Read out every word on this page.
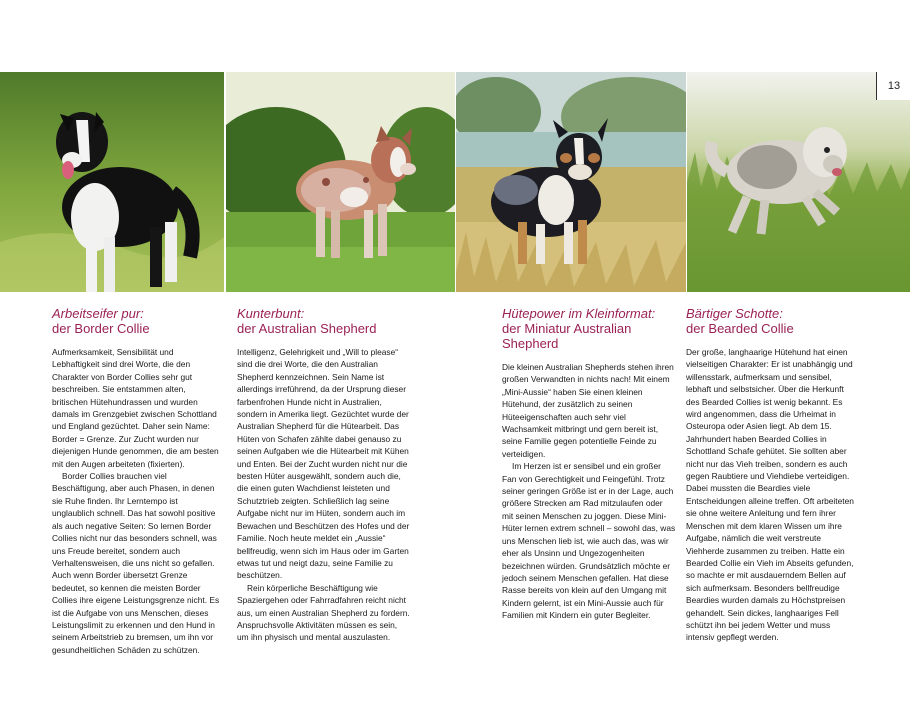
13
Arbeitseifer pur:
der Border Collie

Aufmerksamkeit, Sensibilität und Lebhaftigkeit sind drei Worte, die den Charakter von Border Collies sehr gut beschreiben. Sie entstammen alten, britischen Hütehundrassen und wurden damals im Grenzgebiet zwischen Schottland und England gezüchtet. Daher sein Name: Border = Grenze. Zur Zucht wurden nur diejenigen Hunde genommen, die am besten mit den Augen arbeiteten (fixierten).

Border Collies brauchen viel Beschäftigung, aber auch Phasen, in denen sie Ruhe finden. Ihr Lerntempo ist unglaublich schnell. Das hat sowohl positive als auch negative Seiten: So lernen Border Collies nicht nur das besonders schnell, was uns Freude bereitet, sondern auch Verhaltensweisen, die uns nicht so gefallen. Auch wenn Border übersetzt Grenze bedeutet, so kennen die meisten Border Collies ihre eigene Leistungsgrenze nicht. Es ist die Aufgabe von uns Menschen, dieses Leistungslimit zu erkennen und den Hund in seinem Arbeitstrieb zu bremsen, um ihn vor gesundheitlichen Schäden zu schützen.

Kunterbunt:
der Australian Shepherd

Intelligenz, Gelehrigkeit und „Will to please“ sind die drei Worte, die den Australian Shepherd kennzeichnen. Sein Name ist allerdings irreführend, da der Ursprung dieser farbenfrohen Hunde nicht in Australien, sondern in Amerika liegt. Gezüchtet wurde der Australian Shepherd für die Hütearbeit. Das Hüten von Schafen zählte dabei genauso zu seinen Aufgaben wie die Hütearbeit mit Kühen und Enten. Bei der Zucht wurden nicht nur die besten Hüter ausgewählt, sondern auch die, die einen guten Wachdienst leisteten und Schutztrieb zeigten. Schließlich lag seine Aufgabe nicht nur im Hüten, sondern auch im Bewachen und Beschützen des Hofes und der Familie. Noch heute meldet ein „Aussie“ bellfreudig, wenn sich im Haus oder im Garten etwas tut und neigt dazu, seine Familie zu beschützen.

Rein körperliche Beschäftigung wie Spaziergehen oder Fahrradfahren reicht nicht aus, um einen Australian Shepherd zu fordern. Anspruchsvolle Aktivitäten müssen es sein, um ihn physisch und mental auszulasten.

Hütepower im Kleinformat:
der Miniatur Australian Shepherd

Die kleinen Australian Shepherds stehen ihren großen Verwandten in nichts nach! Mit einem „Mini-Aussie“ haben Sie einen kleinen Hütehund, der zusätzlich zu seinen Hüteeigenschaften auch sehr viel Wachsamkeit mitbringt und gern bereit ist, seine Familie gegen potentielle Feinde zu verteidigen.

Im Herzen ist er sensibel und ein großer Fan von Gerechtigkeit und Feingefühl. Trotz seiner geringen Größe ist er in der Lage, auch größere Strecken am Rad mitzulaufen oder mit seinen Menschen zu joggen. Diese Mini-Hüter lernen extrem schnell – sowohl das, was uns Menschen lieb ist, wie auch das, was wir eher als Unsinn und Ungezogenheiten bezeichnen würden. Grundsätzlich möchte er jedoch seinem Menschen gefallen. Hat diese Rasse bereits von klein auf den Umgang mit Kindern gelernt, ist ein Mini-Aussie auch für Familien mit Kindern ein guter Begleiter.

Bärtiger Schotte:
der Bearded Collie

Der große, langhaarige Hütehund hat einen vielseitigen Charakter: Er ist unabhängig und willensstark, aufmerksam und sensibel, lebhaft und selbstsicher. Über die Herkunft des Bearded Collies ist wenig bekannt. Es wird angenommen, dass die Urheimat in Osteuropa oder Asien liegt. Ab dem 15. Jahrhundert haben Bearded Collies in Schottland Schafe gehütet. Sie sollten aber nicht nur das Vieh treiben, sondern es auch gegen Raubtiere und Viehdiebe verteidigen. Dabei mussten die Beardies viele Entscheidungen alleine treffen. Oft arbeiteten sie ohne weitere Anleitung und fern ihrer Menschen mit dem klaren Wissen um ihre Aufgabe, nämlich die weit verstreute Viehherde zusammen zu treiben. Hatte ein Bearded Collie ein Vieh im Abseits gefunden, so machte er mit ausdauerndem Bellen auf sich aufmerksam. Besonders bellfreudige Beardies wurden damals zu Höchstpreisen gehandelt. Sein dickes, langhaariges Fell schützt ihn bei jedem Wetter und muss intensiv gepflegt werden.
